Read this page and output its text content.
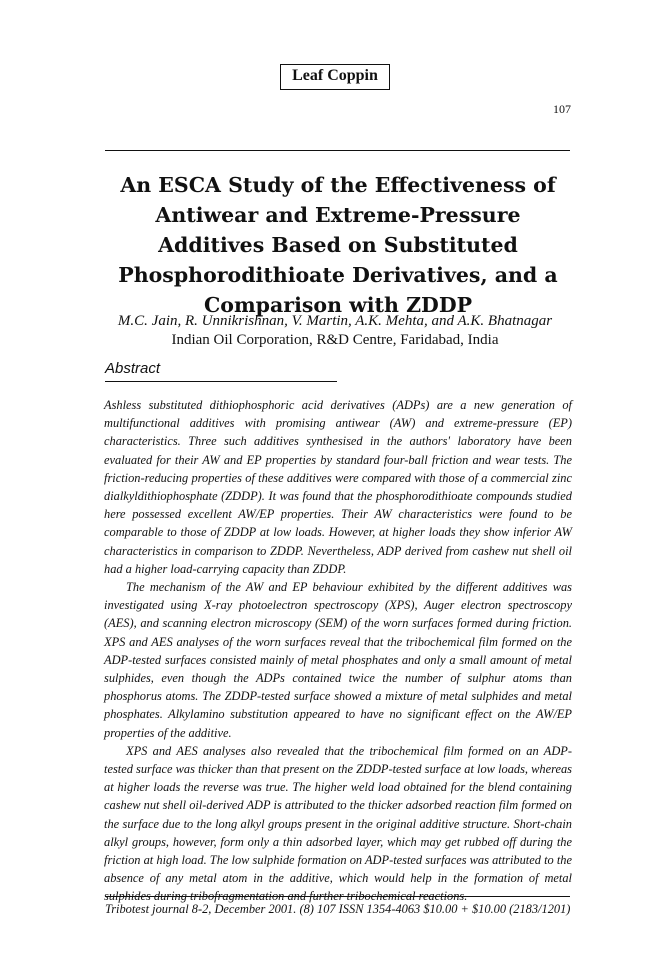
Leaf Coppin
107
An ESCA Study of the Effectiveness of Antiwear and Extreme-Pressure Additives Based on Substituted Phosphorodithioate Derivatives, and a Comparison with ZDDP
M.C. Jain, R. Unnikrishnan, V. Martin, A.K. Mehta, and A.K. Bhatnagar
Indian Oil Corporation, R&D Centre, Faridabad, India
Abstract

Ashless substituted dithiophosphoric acid derivatives (ADPs) are a new generation of multifunctional additives with promising antiwear (AW) and extreme-pressure (EP) characteristics. Three such additives synthesised in the authors' laboratory have been evaluated for their AW and EP properties by standard four-ball friction and wear tests. The friction-reducing properties of these additives were compared with those of a commercial zinc dialkyldithiophosphate (ZDDP). It was found that the phosphorodithioate compounds studied here possessed excellent AW/EP properties. Their AW characteristics were found to be comparable to those of ZDDP at low loads. However, at higher loads they show inferior AW characteristics in comparison to ZDDP. Nevertheless, ADP derived from cashew nut shell oil had a higher load-carrying capacity than ZDDP.

The mechanism of the AW and EP behaviour exhibited by the different additives was investigated using X-ray photoelectron spectroscopy (XPS), Auger electron spectroscopy (AES), and scanning electron microscopy (SEM) of the worn surfaces formed during friction. XPS and AES analyses of the worn surfaces reveal that the tribochemical film formed on the ADP-tested surfaces consisted mainly of metal phosphates and only a small amount of metal sulphides, even though the ADPs contained twice the number of sulphur atoms than phosphorus atoms. The ZDDP-tested surface showed a mixture of metal sulphides and metal phosphates. Alkylamino substitution appeared to have no significant effect on the AW/EP properties of the additive.

XPS and AES analyses also revealed that the tribochemical film formed on an ADP-tested surface was thicker than that present on the ZDDP-tested surface at low loads, whereas at higher loads the reverse was true. The higher weld load obtained for the blend containing cashew nut shell oil-derived ADP is attributed to the thicker adsorbed reaction film formed on the surface due to the long alkyl groups present in the original additive structure. Short-chain alkyl groups, however, form only a thin adsorbed layer, which may get rubbed off during the friction at high load. The low sulphide formation on ADP-tested surfaces was attributed to the absence of any metal atom in the additive, which would help in the formation of metal sulphides during tribofragmentation and further tribochemical reactions.

Tribotest journal 8-2, December 2001. (8) 107 ISSN 1354-4063 $10.00 + $10.00 (2183/1201)
